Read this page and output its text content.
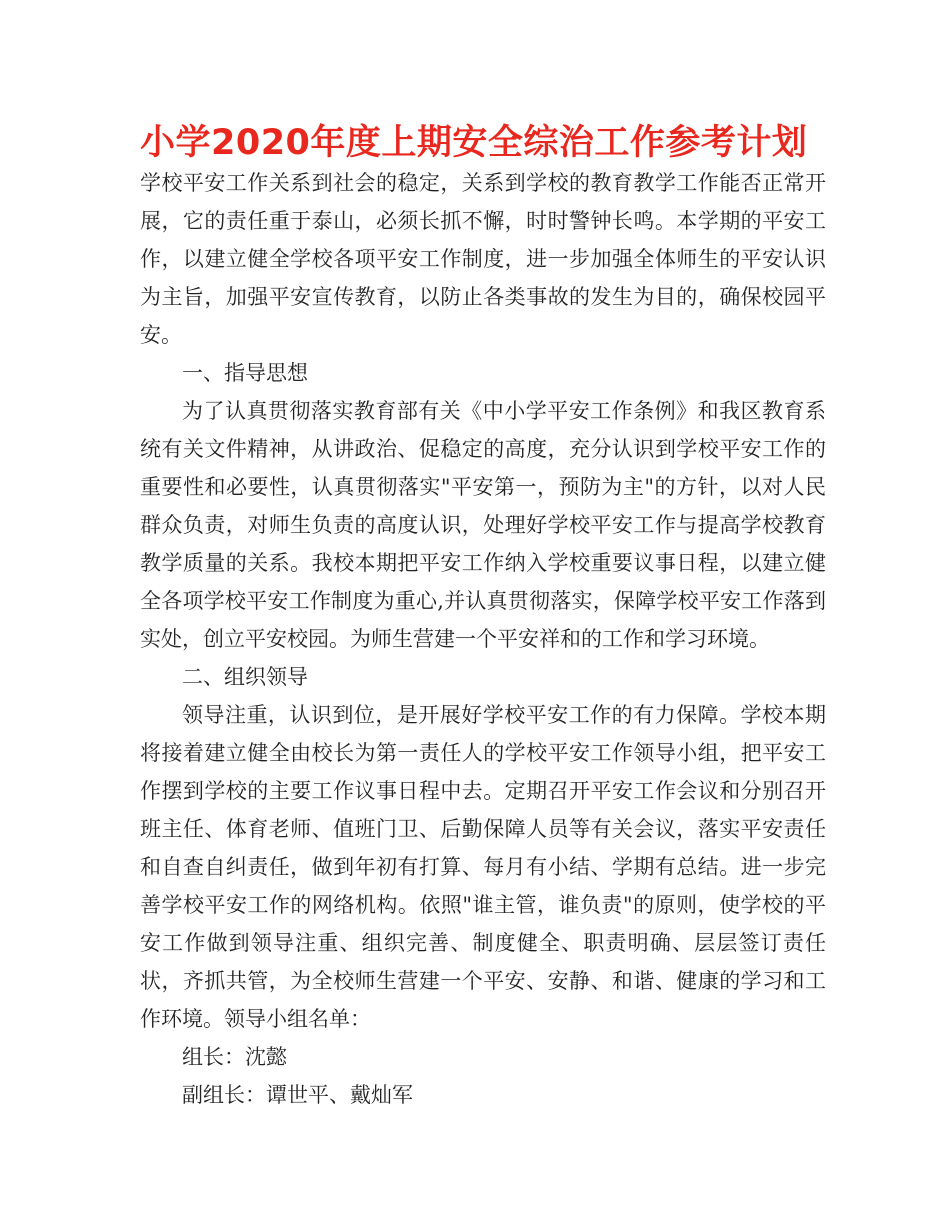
小学2020年度上期安全综治工作参考计划

学校平安工作关系到社会的稳定，关系到学校的教育教学工作能否正常开展，它的责任重于泰山，必须长抓不懈，时时警钟长鸣。本学期的平安工作，以建立健全学校各项平安工作制度，进一步加强全体师生的平安认识为主旨，加强平安宣传教育，以防止各类事故的发生为目的，确保校园平安。

一、指导思想

为了认真贯彻落实教育部有关《中小学平安工作条例》和我区教育系统有关文件精神，从讲政治、促稳定的高度，充分认识到学校平安工作的重要性和必要性，认真贯彻落实"平安第一，预防为主"的方针，以对人民群众负责，对师生负责的高度认识，处理好学校平安工作与提高学校教育教学质量的关系。我校本期把平安工作纳入学校重要议事日程，以建立健全各项学校平安工作制度为重心,并认真贯彻落实，保障学校平安工作落到实处，创立平安校园。为师生营建一个平安祥和的工作和学习环境。

二、组织领导

领导注重，认识到位，是开展好学校平安工作的有力保障。学校本期将接着建立健全由校长为第一责任人的学校平安工作领导小组，把平安工作摆到学校的主要工作议事日程中去。定期召开平安工作会议和分别召开班主任、体育老师、值班门卫、后勤保障人员等有关会议，落实平安责任和自查自纠责任，做到年初有打算、每月有小结、学期有总结。进一步完善学校平安工作的网络机构。依照"谁主管，谁负责"的原则，使学校的平安工作做到领导注重、组织完善、制度健全、职责明确、层层签订责任状，齐抓共管，为全校师生营建一个平安、安静、和谐、健康的学习和工作环境。领导小组名单：

组长：沈懿

副组长：谭世平、戴灿军
